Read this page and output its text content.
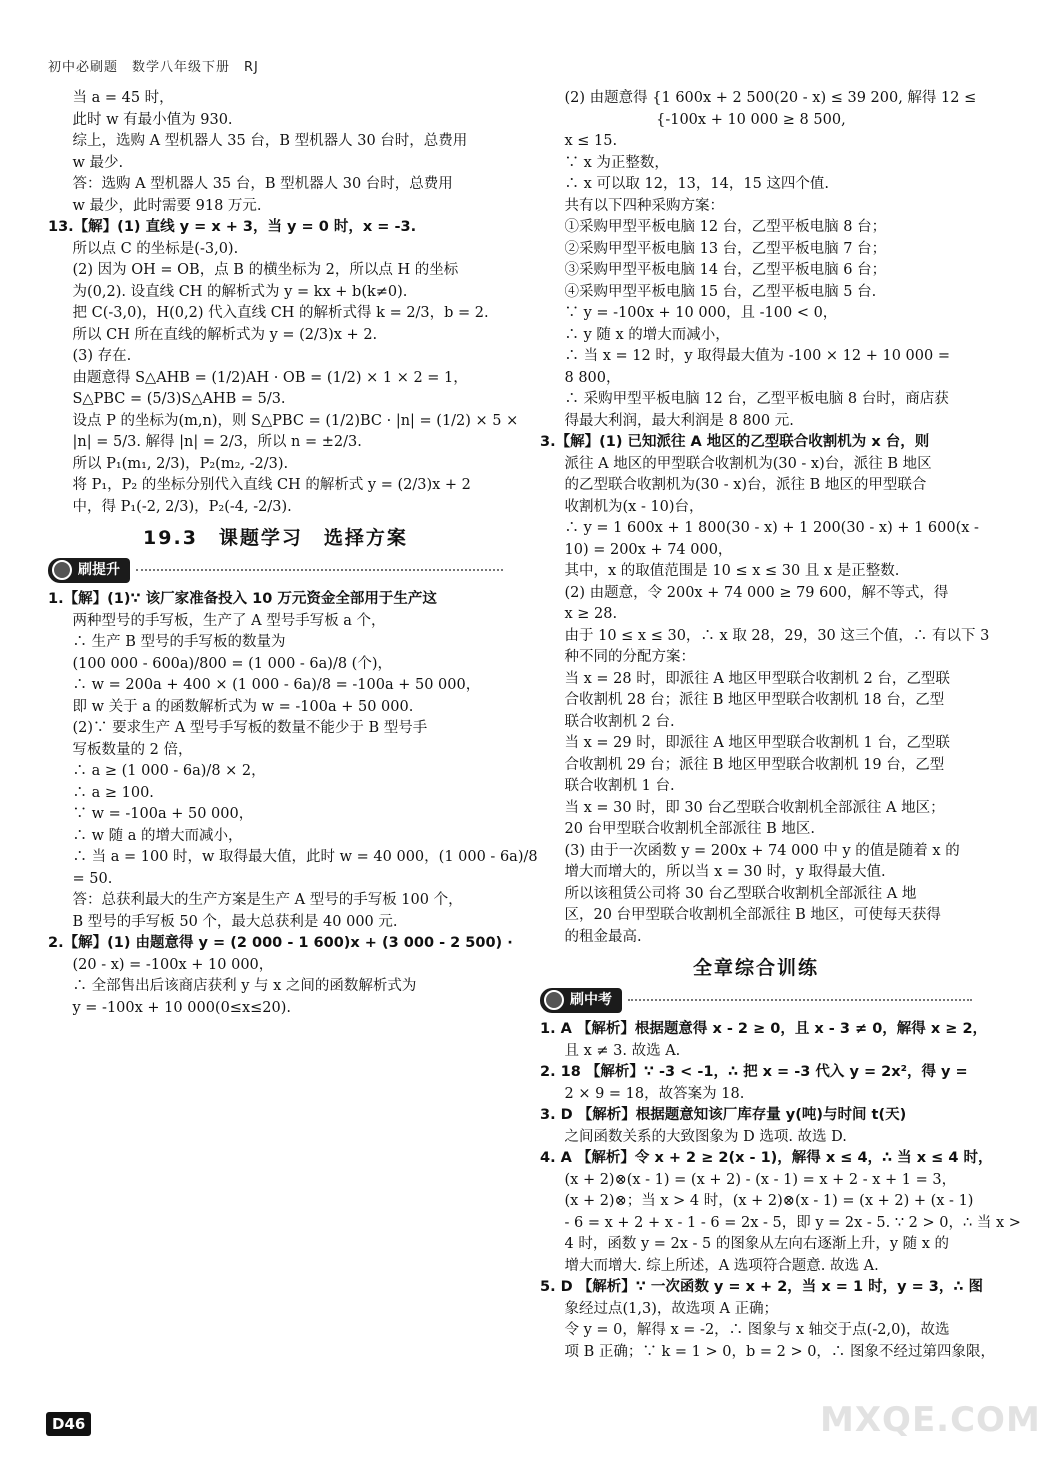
初中必刷题　数学八年级下册　RJ
　当 a = 45 时，
　此时 w 有最小值为 930.
　综上，选购 A 型机器人 35 台，B 型机器人 30 台时，总费用
　w 最少.
　答：选购 A 型机器人 35 台，B 型机器人 30 台时，总费用
　w 最少，此时需要 918 万元.
13.【解】(1) 直线 y = x + 3，当 y = 0 时，x = -3.
　所以点 C 的坐标是(-3,0).
　(2) 因为 OH = OB，点 B 的横坐标为 2，所以点 H 的坐标
　为(0,2). 设直线 CH 的解析式为 y = kx + b(k≠0).
　把 C(-3,0)，H(0,2) 代入直线 CH 的解析式得 k = 2/3，b = 2.
　所以 CH 所在直线的解析式为 y = (2/3)x + 2.
　(3) 存在.
　由题意得 S△AHB = (1/2)AH · OB = (1/2) × 1 × 2 = 1，
　S△PBC = (5/3)S△AHB = 5/3.
　设点 P 的坐标为(m,n)，则 S△PBC = (1/2)BC · |n| = (1/2) × 5 ×
　|n| = 5/3. 解得 |n| = 2/3，所以 n = ±2/3.
　所以 P₁(m₁, 2/3)，P₂(m₂, -2/3).
　将 P₁，P₂ 的坐标分别代入直线 CH 的解析式 y = (2/3)x + 2
　中，得 P₁(-2, 2/3)，P₂(-4, -2/3).
19.3　课题学习　选择方案
刷提升
1.【解】(1)∵ 该厂家准备投入 10 万元资金全部用于生产这
　两种型号的手写板，生产了 A 型号手写板 a 个，
　∴ 生产 B 型号的手写板的数量为
　(100 000 - 600a)/800 = (1 000 - 6a)/8 (个)，
　∴ w = 200a + 400 × (1 000 - 6a)/8 = -100a + 50 000，
　即 w 关于 a 的函数解析式为 w = -100a + 50 000.
　(2)∵ 要求生产 A 型号手写板的数量不能少于 B 型号手
　写板数量的 2 倍，
　∴ a ≥ (1 000 - 6a)/8 × 2，
　∴ a ≥ 100.
　∵ w = -100a + 50 000，
　∴ w 随 a 的增大而减小，
　∴ 当 a = 100 时，w 取得最大值，此时 w = 40 000，(1 000 - 6a)/8
　= 50.
　答：总获利最大的生产方案是生产 A 型号的手写板 100 个，
　B 型号的手写板 50 个，最大总获利是 40 000 元.
2.【解】(1) 由题意得 y = (2 000 - 1 600)x + (3 000 - 2 500) ·
　(20 - x) = -100x + 10 000，
　∴ 全部售出后该商店获利 y 与 x 之间的函数解析式为
　y = -100x + 10 000(0≤x≤20).
　(2) 由题意得 {1 600x + 2 500(20 - x) ≤ 39 200, 解得 12 ≤
　　　　　　　 {-100x + 10 000 ≥ 8 500,
　x ≤ 15.
　∵ x 为正整数，
　∴ x 可以取 12，13，14，15 这四个值.
　共有以下四种采购方案：
　①采购甲型平板电脑 12 台，乙型平板电脑 8 台；
　②采购甲型平板电脑 13 台，乙型平板电脑 7 台；
　③采购甲型平板电脑 14 台，乙型平板电脑 6 台；
　④采购甲型平板电脑 15 台，乙型平板电脑 5 台.
　∵ y = -100x + 10 000，且 -100 < 0，
　∴ y 随 x 的增大而减小，
　∴ 当 x = 12 时，y 取得最大值为 -100 × 12 + 10 000 =
　8 800，
　∴ 采购甲型平板电脑 12 台，乙型平板电脑 8 台时，商店获
　得最大利润，最大利润是 8 800 元.
3.【解】(1) 已知派往 A 地区的乙型联合收割机为 x 台，则
　派往 A 地区的甲型联合收割机为(30 - x)台，派往 B 地区
　的乙型联合收割机为(30 - x)台，派往 B 地区的甲型联合
　收割机为(x - 10)台，
　∴ y = 1 600x + 1 800(30 - x) + 1 200(30 - x) + 1 600(x -
　10) = 200x + 74 000，
　其中，x 的取值范围是 10 ≤ x ≤ 30 且 x 是正整数.
　(2) 由题意，令 200x + 74 000 ≥ 79 600，解不等式，得
　x ≥ 28.
　由于 10 ≤ x ≤ 30，∴ x 取 28，29，30 这三个值，∴ 有以下 3
　种不同的分配方案：
　当 x = 28 时，即派往 A 地区甲型联合收割机 2 台，乙型联
　合收割机 28 台；派往 B 地区甲型联合收割机 18 台，乙型
　联合收割机 2 台.
　当 x = 29 时，即派往 A 地区甲型联合收割机 1 台，乙型联
　合收割机 29 台；派往 B 地区甲型联合收割机 19 台，乙型
　联合收割机 1 台.
　当 x = 30 时，即 30 台乙型联合收割机全部派往 A 地区；
　20 台甲型联合收割机全部派往 B 地区.
　(3) 由于一次函数 y = 200x + 74 000 中 y 的值是随着 x 的
　增大而增大的，所以当 x = 30 时，y 取得最大值.
　所以该租赁公司将 30 台乙型联合收割机全部派往 A 地
　区，20 台甲型联合收割机全部派往 B 地区，可使每天获得
　的租金最高.
全章综合训练
刷中考
1. A 【解析】根据题意得 x - 2 ≥ 0，且 x - 3 ≠ 0，解得 x ≥ 2，
　且 x ≠ 3. 故选 A.
2. 18 【解析】∵ -3 < -1，∴ 把 x = -3 代入 y = 2x²，得 y =
　2 × 9 = 18，故答案为 18.
3. D 【解析】根据题意知该厂库存量 y(吨)与时间 t(天)
　之间函数关系的大致图象为 D 选项. 故选 D.
4. A 【解析】令 x + 2 ≥ 2(x - 1)，解得 x ≤ 4，∴ 当 x ≤ 4 时，
　(x + 2)⊗(x - 1) = (x + 2) - (x - 1) = x + 2 - x + 1 = 3，
　(x + 2)⊗；当 x > 4 时，(x + 2)⊗(x - 1) = (x + 2) + (x - 1)
　- 6 = x + 2 + x - 1 - 6 = 2x - 5，即 y = 2x - 5. ∵ 2 > 0，∴ 当 x >
　4 时，函数 y = 2x - 5 的图象从左向右逐渐上升，y 随 x 的
　增大而增大. 综上所述，A 选项符合题意. 故选 A.
5. D 【解析】∵ 一次函数 y = x + 2，当 x = 1 时，y = 3，∴ 图
　象经过点(1,3)，故选项 A 正确；
　令 y = 0，解得 x = -2，∴ 图象与 x 轴交于点(-2,0)，故选
　项 B 正确；∵ k = 1 > 0，b = 2 > 0，∴ 图象不经过第四象限，
D46	MXQE.COM
